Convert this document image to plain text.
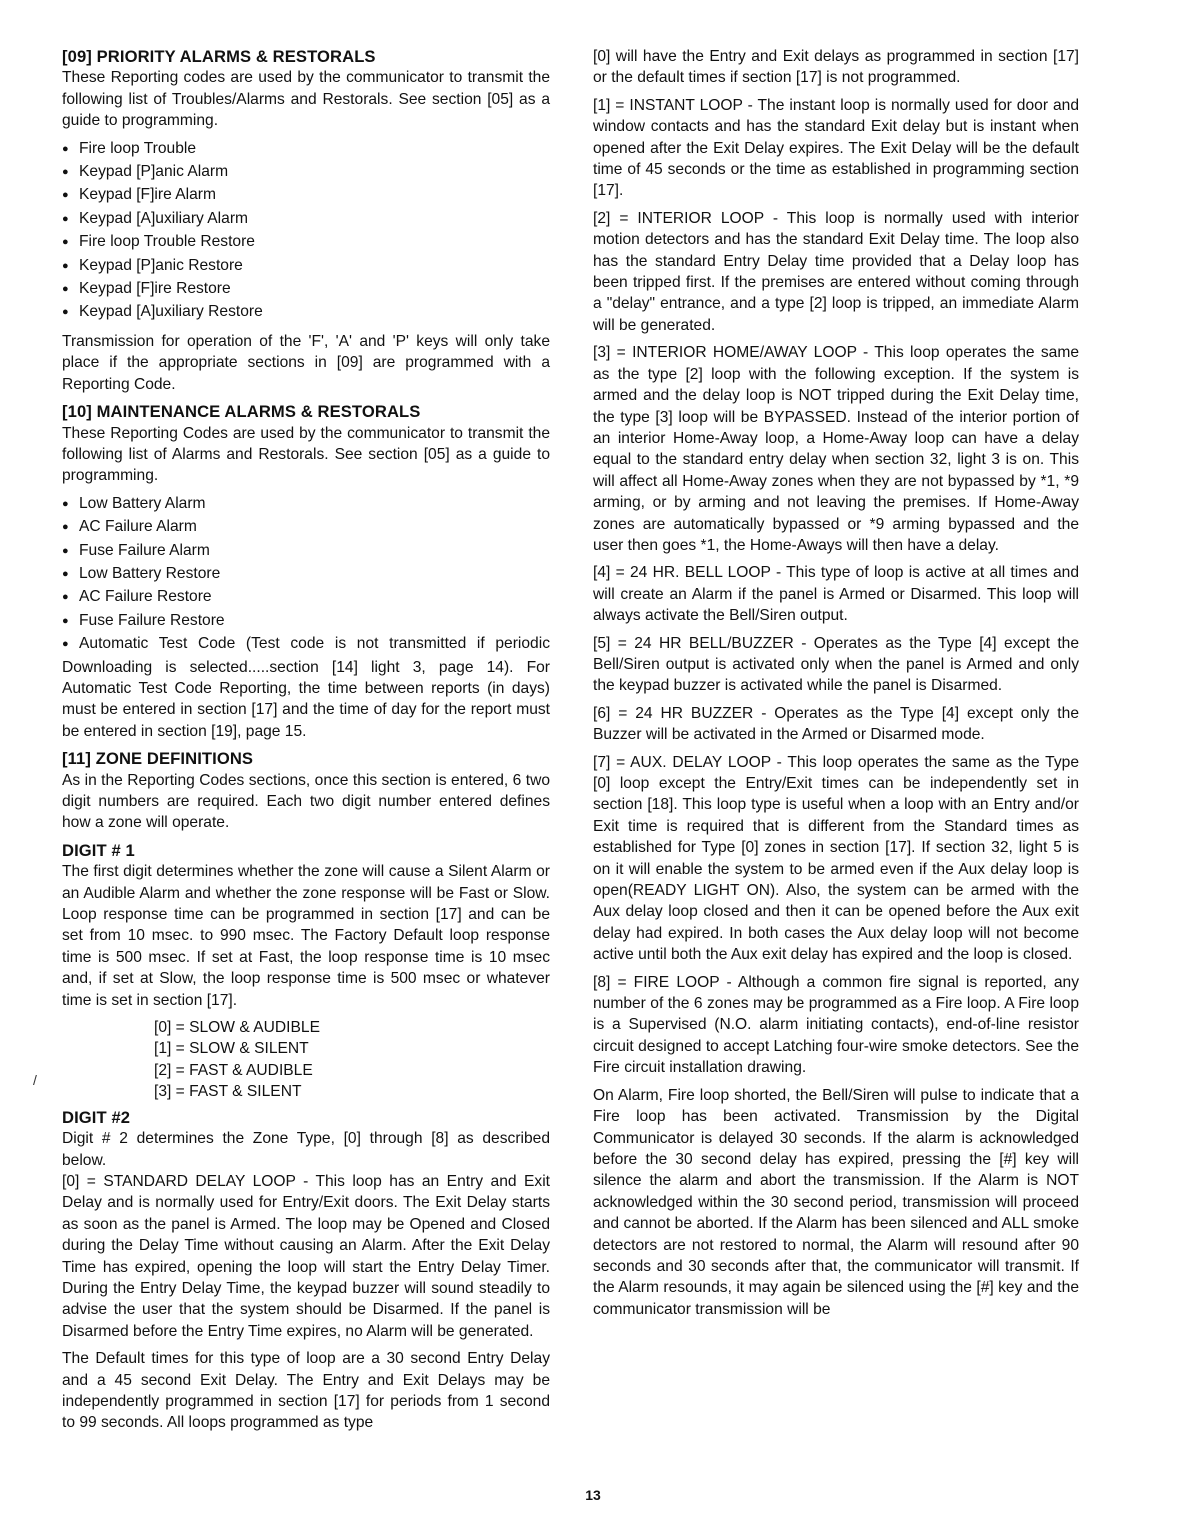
[09] PRIORITY ALARMS & RESTORALS

These Reporting codes are used by the communicator to transmit the following list of Troubles/Alarms and Restorals. See section [05] as a guide to programming.

● Fire loop Trouble
● Keypad [P]anic Alarm
● Keypad [F]ire Alarm
● Keypad [A]uxiliary Alarm
● Fire loop Trouble Restore
● Keypad [P]anic Restore
● Keypad [F]ire Restore
● Keypad [A]uxiliary Restore

Transmission for operation of the 'F', 'A' and 'P' keys will only take place if the appropriate sections in [09] are programmed with a Reporting Code.

[10] MAINTENANCE ALARMS & RESTORALS

These Reporting Codes are used by the communicator to transmit the following list of Alarms and Restorals. See section [05] as a guide to programming.

● Low Battery Alarm
● AC Failure Alarm
● Fuse Failure Alarm
● Low Battery Restore
● AC Failure Restore
● Fuse Failure Restore

● Automatic Test Code (Test code is not transmitted if periodic Downloading is selected.....section [14] light 3, page 14). For Automatic Test Code Reporting, the time between reports (in days) must be entered in section [17] and the time of day for the report must be entered in section [19], page 15.

[11] ZONE DEFINITIONS

As in the Reporting Codes sections, once this section is entered, 6 two digit numbers are required. Each two digit number entered defines how a zone will operate.

DIGIT # 1

The first digit determines whether the zone will cause a Silent Alarm or an Audible Alarm and whether the zone response will be Fast or Slow. Loop response time can be programmed in section [17] and can be set from 10 msec. to 990 msec. The Factory Default loop response time is 500 msec. If set at Fast, the loop response time is 10 msec and, if set at Slow, the loop response time is 500 msec or whatever time is set in section [17].

[0] = SLOW & AUDIBLE
[1] = SLOW & SILENT
[2] = FAST & AUDIBLE
[3] = FAST & SILENT
DIGIT #2

Digit # 2 determines the Zone Type, [0] through [8] as described below.

[0] = STANDARD DELAY LOOP - This loop has an Entry and Exit Delay and is normally used for Entry/Exit doors. The Exit Delay starts as soon as the panel is Armed. The loop may be Opened and Closed during the Delay Time without causing an Alarm. After the Exit Delay Time has expired, opening the loop will start the Entry Delay Timer. During the Entry Delay Time, the keypad buzzer will sound steadily to advise the user that the system should be Disarmed. If the panel is Disarmed before the Entry Time expires, no Alarm will be generated.

The Default times for this type of loop are a 30 second Entry Delay and a 45 second Exit Delay. The Entry and Exit Delays may be independently programmed in section [17] for periods from 1 second to 99 seconds. All loops programmed as type

[0] will have the Entry and Exit delays as programmed in section [17] or the default times if section [17] is not programmed.

[1] = INSTANT LOOP - The instant loop is normally used for door and window contacts and has the standard Exit delay but is instant when opened after the Exit Delay expires. The Exit Delay will be the default time of 45 seconds or the time as established in programming section [17].

[2] = INTERIOR LOOP - This loop is normally used with interior motion detectors and has the standard Exit Delay time. The loop also has the standard Entry Delay time provided that a Delay loop has been tripped first. If the premises are entered without coming through a "delay" entrance, and a type [2] loop is tripped, an immediate Alarm will be generated.

[3] = INTERIOR HOME/AWAY LOOP - This loop operates the same as the type [2] loop with the following exception. If the system is armed and the delay loop is NOT tripped during the Exit Delay time, the type [3] loop will be BYPASSED. Instead of the interior portion of an interior Home-Away loop, a Home-Away loop can have a delay equal to the standard entry delay when section 32, light 3 is on. This will affect all Home-Away zones when they are not bypassed by *1, *9 arming, or by arming and not leaving the premises. If Home-Away zones are automatically bypassed or *9 arming bypassed and the user then goes *1, the Home-Aways will then have a delay.

[4] = 24 HR. BELL LOOP - This type of loop is active at all times and will create an Alarm if the panel is Armed or Disarmed. This loop will always activate the Bell/Siren output.

[5] = 24 HR BELL/BUZZER - Operates as the Type [4] except the Bell/Siren output is activated only when the panel is Armed and only the keypad buzzer is activated while the panel is Disarmed.

[6] = 24 HR BUZZER - Operates as the Type [4] except only the Buzzer will be activated in the Armed or Disarmed mode.

[7] = AUX. DELAY LOOP - This loop operates the same as the Type [0] loop except the Entry/Exit times can be independently set in section [18]. This loop type is useful when a loop with an Entry and/or Exit time is required that is different from the Standard times as established for Type [0] zones in section [17]. If section 32, light 5 is on it will enable the system to be armed even if the Aux delay loop is open(READY LIGHT ON). Also, the system can be armed with the Aux delay loop closed and then it can be opened before the Aux exit delay had expired. In both cases the Aux delay loop will not become active until both the Aux exit delay has expired and the loop is closed.

[8] = FIRE LOOP - Although a common fire signal is reported, any number of the 6 zones may be programmed as a Fire loop. A Fire loop is a Supervised (N.O. alarm initiating contacts), end-of-line resistor circuit designed to accept Latching four-wire smoke detectors. See the Fire circuit installation drawing.

On Alarm, Fire loop shorted, the Bell/Siren will pulse to indicate that a Fire loop has been activated. Transmission by the Digital Communicator is delayed 30 seconds. If the alarm is acknowledged before the 30 second delay has expired, pressing the [#] key will silence the alarm and abort the transmission. If the Alarm is NOT acknowledged within the 30 second period, transmission will proceed and cannot be aborted. If the Alarm has been silenced and ALL smoke detectors are not restored to normal, the Alarm will resound after 90 seconds and 30 seconds after that, the communicator will transmit. If the Alarm resounds, it may again be silenced using the [#] key and the communicator transmission will be

/
13
